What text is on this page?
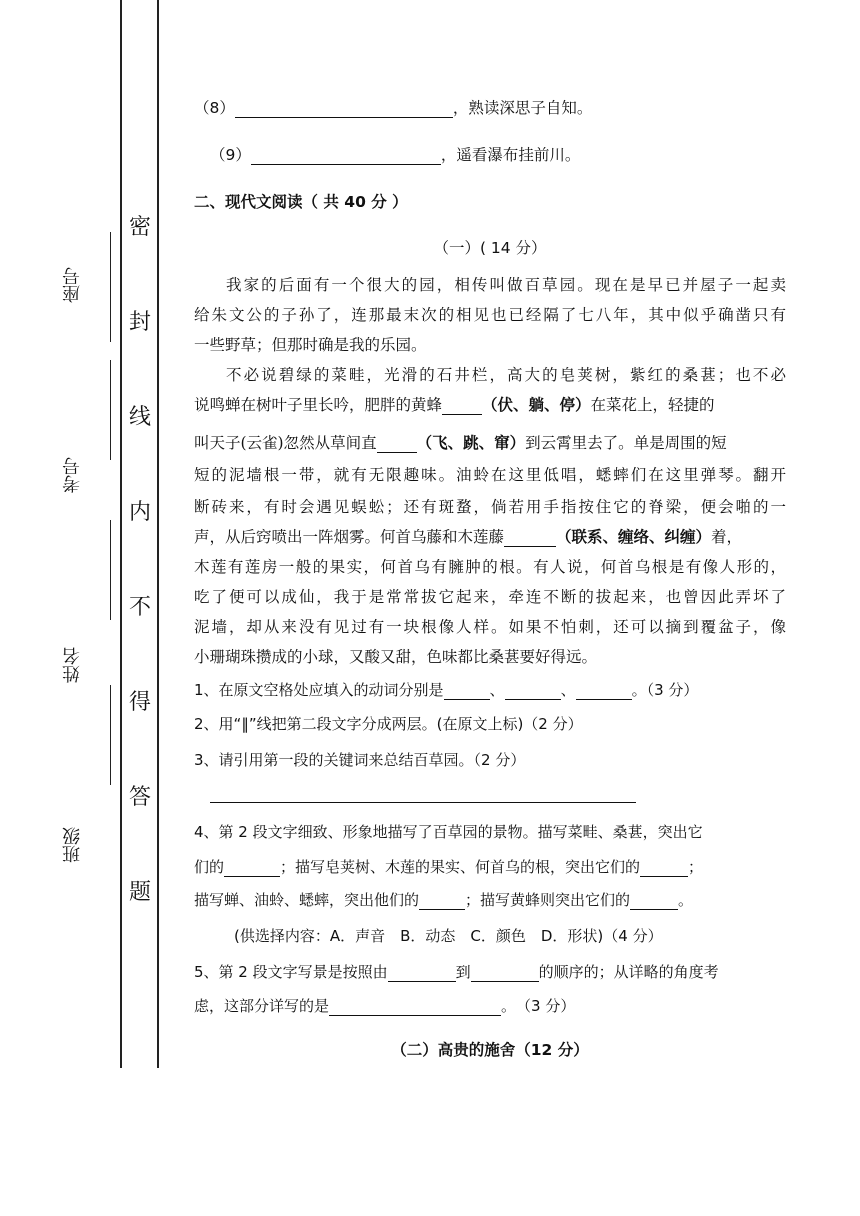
座号
考号
姓名
班级
密
封
线
内
不
得
答
题
（8）	，熟读深思子自知。
（9）	，遥看瀑布挂前川。
二、现代文阅读（ 共 40 分 ）
（一）( 14 分）
我家的后面有一个很大的园，相传叫做百草园。现在是早已并屋子一起卖
给朱文公的子孙了，连那最末次的相见也已经隔了七八年，其中似乎确凿只有
一些野草；但那时确是我的乐园。
不必说碧绿的菜畦，光滑的石井栏，高大的皂荚树，紫红的桑葚；也不必
说鸣蝉在树叶子里长吟，肥胖的黄蜂	（伏、躺、停）在菜花上，轻捷的
叫天子(云雀)忽然从草间直	（飞、跳、窜）到云霄里去了。单是周围的短
短的泥墙根一带，就有无限趣味。油蛉在这里低唱，蟋蟀们在这里弹琴。翻开
断砖来，有时会遇见蜈蚣；还有斑蝥，倘若用手指按住它的脊梁，便会啪的一
声，从后窍喷出一阵烟雾。何首乌藤和木莲藤	（联系、缠络、纠缠）着，
木莲有莲房一般的果实，何首乌有臃肿的根。有人说，何首乌根是有像人形的，
吃了便可以成仙，我于是常常拔它起来，牵连不断的拔起来，也曾因此弄坏了
泥墙，却从来没有见过有一块根像人样。如果不怕刺，还可以摘到覆盆子，像
小珊瑚珠攒成的小球，又酸又甜，色味都比桑葚要好得远。
1、在原文空格处应填入的动词分别是	、	、	。（3 分）
2、用“‖”线把第二段文字分成两层。(在原文上标)（2 分）
3、请引用第一段的关键词来总结百草园。（2 分）
4、第 2 段文字细致、形象地描写了百草园的景物。描写菜畦、桑葚，突出它
们的	；描写皂荚树、木莲的果实、何首乌的根，突出它们的	；
描写蝉、油蛉、蟋蟀，突出他们的	；描写黄蜂则突出它们的	。
(供选择内容：A．声音　B．动态　C．颜色　D．形状)（4 分）
5、第 2 段文字写景是按照由	到	的顺序的；从详略的角度考
虑，这部分详写的是	。　（3 分）
（二）高贵的施舍（12 分）
